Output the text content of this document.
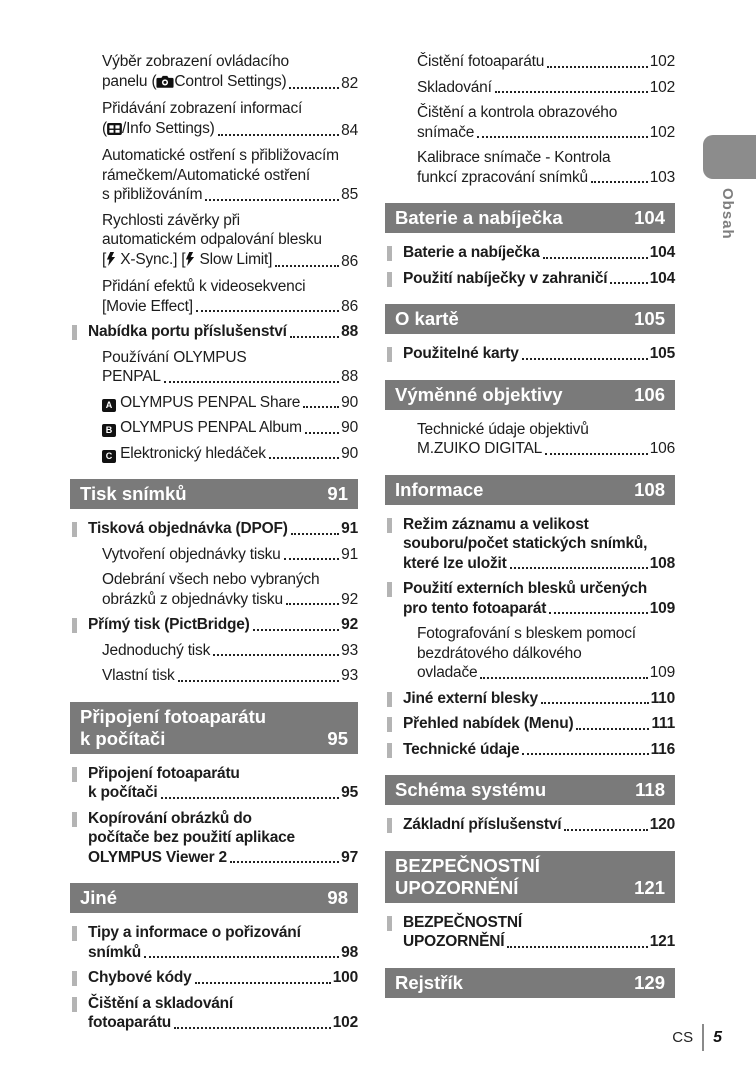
Výběr zobrazení ovládacího
panelu ( Control Settings)	82
Přidávání zobrazení informací
( /Info Settings)	84
Automatické ostření s přibližovacím
rámečkem/Automatické ostření
s přibližováním	85
Rychlosti závěrky při
automatickém odpalování blesku
[ X-Sync.] [ Slow Limit]	86
Přidání efektů k videosekvenci
[Movie Effect]	86
Nabídka portu příslušenství	88
Používání OLYMPUS
PENPAL	88
A OLYMPUS PENPAL Share	90
B OLYMPUS PENPAL Album	90
C Elektronický hledáček	90
Tisk snímků	91
Tisková objednávka (DPOF)	91
Vytvoření objednávky tisku	91
Odebrání všech nebo vybraných
obrázků z objednávky tisku	92
Přímý tisk (PictBridge)	92
Jednoduchý tisk	93
Vlastní tisk	93
Připojení fotoaparátu
k počítači	95
Připojení fotoaparátu
k počítači	95
Kopírování obrázků do
počítače bez použití aplikace
OLYMPUS Viewer 2	97
Jiné	98
Tipy a informace o pořizování
snímků	98
Chybové kódy	100
Čištění a skladování
fotoaparátu	102
Čistění fotoaparátu	102
Skladování	102
Čištění a kontrola obrazového
snímače	102
Kalibrace snímače - Kontrola
funkcí zpracování snímků	103
Baterie a nabíječka	104
Baterie a nabíječka	104
Použití nabíječky v zahraničí	104
O kartě	105
Použitelné karty	105
Výměnné objektivy	106
Technické údaje objektivů
M.ZUIKO DIGITAL	106
Informace	108
Režim záznamu a velikost
souboru/počet statických snímků,
které lze uložit	108
Použití externích blesků určených
pro tento fotoaparát	109
Fotografování s bleskem pomocí
bezdrátového dálkového
ovladače	109
Jiné externí blesky	110
Přehled nabídek (Menu)	111
Technické údaje	116
Schéma systému	118
Základní příslušenství	120
BEZPEČNOSTNÍ
UPOZORNĚNÍ	121
BEZPEČNOSTNÍ
UPOZORNĚNÍ	121
Rejstřík	129
Obsah
CS 5
